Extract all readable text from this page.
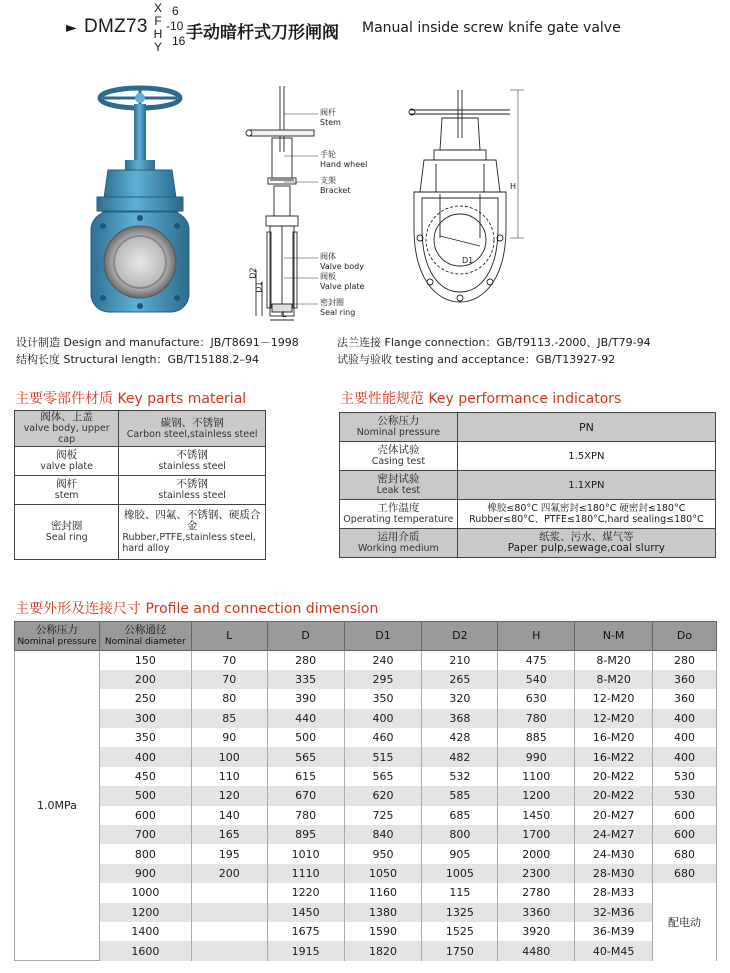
► DMZ73
X
F
H
Y
6
-10
16 手动暗杆式刀形闸阀 Manual inside screw knife gate valve
D2
D1
L
阀杆
Stem
手轮
Hand wheel
支架
Bracket
阀体
Valve body
阀板
Valve plate
密封圈
Seal ring
H
D1
设计制造 Design and manufacture：JB/T8691－1998
结构长度 Structural length：GB/T15188.2–94
法兰连接 Flange connection：GB/T9113.-2000、JB/T79-94
试验与验收 testing and acceptance：GB/T13927-92
主要零部件材质 Key parts material
阀体、上盖
valve body, upper cap	碳钢、不锈钢
Carbon steel,stainless steel

阀板
valve plate	不锈钢
stainless steel

阀杆
stem	不锈钢
stainless steel

密封圈
Seal ring	橡胶、四氟、不锈钢、硬质合金
Rubber,PTFE,stainless steel, hard alloy
主要性能规范 Key performance indicators
公称压力
Nominal pressure	PN

壳体试验
Casing test	1.5XPN

密封试验
Leak test	1.1XPN

工作温度
Operating temperature	橡胶≤80°C 四氟密封≤180°C 硬密封≤180°C
Rubber≤80°C、PTFE≤180°C,hard sealing≤180°C

运用介质
Working medium	纸浆、污水、煤气等
Paper pulp,sewage,coal slurry
主要外形及连接尺寸 Profile and connection dimension
公称压力
Nominal pressure	公称通径
Nominal diameter	L	D	D1	D2	H	N-M	Do
1.0MPa	150	70	280	240	210	475	8-M20	280
	200	70	335	295	265	540	8-M20	360
	250	80	390	350	320	630	12-M20	360
	300	85	440	400	368	780	12-M20	400
	350	90	500	460	428	885	16-M20	400
	400	100	565	515	482	990	16-M22	400
	450	110	615	565	532	1100	20-M22	530
	500	120	670	620	585	1200	20-M22	530
	600	140	780	725	685	1450	20-M27	600
	700	165	895	840	800	1700	24-M27	600
	800	195	1010	950	905	2000	24-M30	680
	900	200	1110	1050	1005	2300	28-M30	680
	1000		1220	1160	115	2780	28-M33	配电动
	1200		1450	1380	1325	3360	32-M36	
	1400		1675	1590	1525	3920	36-M39	
	1600		1915	1820	1750	4480	40-M45	
